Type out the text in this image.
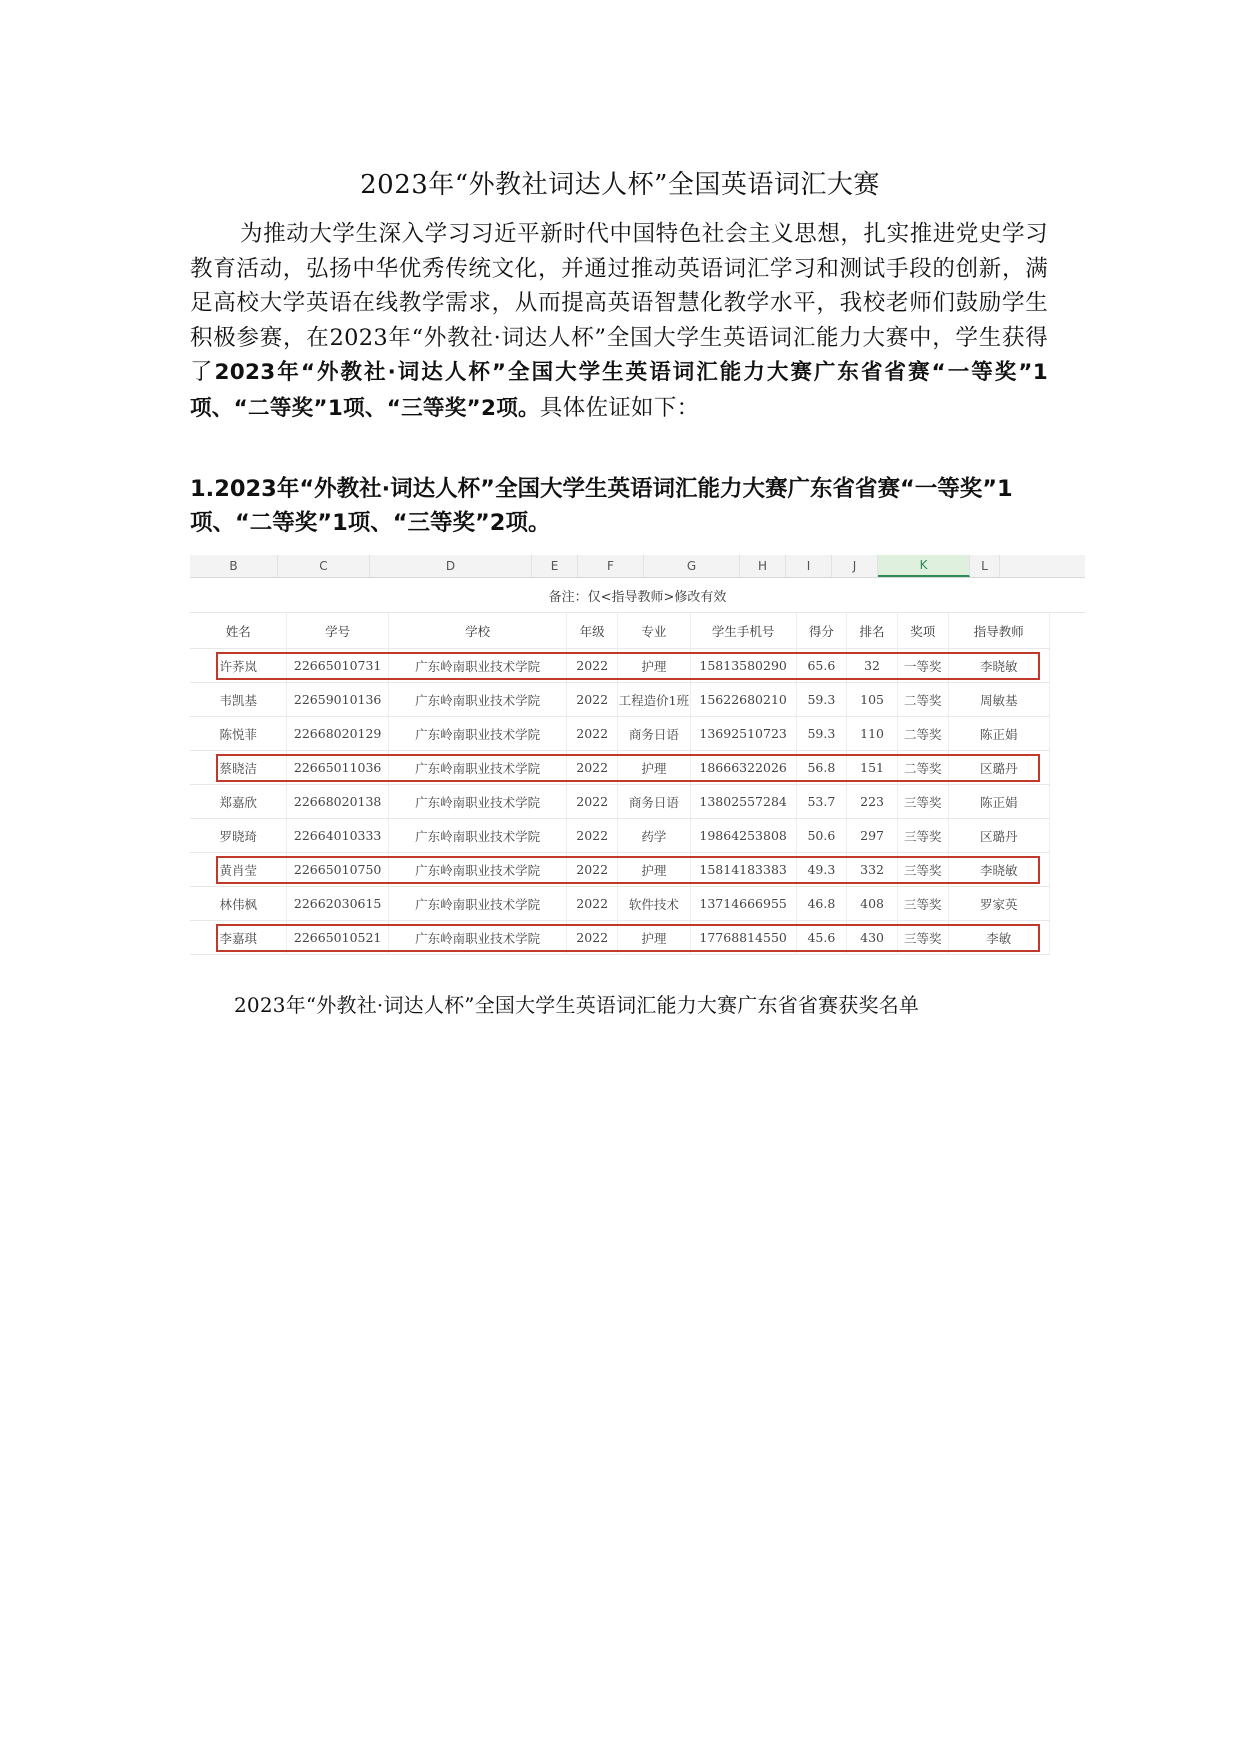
2023年“外教社词达人杯”全国英语词汇大赛
为推动大学生深入学习习近平新时代中国特色社会主义思想，扎实推进党史学习教育活动，弘扬中华优秀传统文化，并通过推动英语词汇学习和测试手段的创新，满足高校大学英语在线教学需求，从而提高英语智慧化教学水平，我校老师们鼓励学生积极参赛，在2023年“外教社·词达人杯”全国大学生英语词汇能力大赛中，学生获得了2023年“外教社·词达人杯”全国大学生英语词汇能力大赛广东省省赛“一等奖”1项、“二等奖”1项、“三等奖”2项。具体佐证如下：
1.2023年“外教社·词达人杯”全国大学生英语词汇能力大赛广东省省赛“一等奖”1项、“二等奖”1项、“三等奖”2项。
B	C	D	E	F	G	H	I	J	K	L
备注：仅<指导教师>修改有效
姓名	学号	学校	年级	专业	学生手机号	得分	排名	奖项	指导教师
许荞岚	22665010731	广东岭南职业技术学院	2022	护理	15813580290	65.6	32	一等奖	李晓敏
韦凯基	22659010136	广东岭南职业技术学院	2022	工程造价1班	15622680210	59.3	105	二等奖	周敏基
陈悦菲	22668020129	广东岭南职业技术学院	2022	商务日语	13692510723	59.3	110	二等奖	陈正娟
蔡晓洁	22665011036	广东岭南职业技术学院	2022	护理	18666322026	56.8	151	二等奖	区璐丹
郑嘉欣	22668020138	广东岭南职业技术学院	2022	商务日语	13802557284	53.7	223	三等奖	陈正娟
罗晓琦	22664010333	广东岭南职业技术学院	2022	药学	19864253808	50.6	297	三等奖	区璐丹
黄肖莹	22665010750	广东岭南职业技术学院	2022	护理	15814183383	49.3	332	三等奖	李晓敏
林伟枫	22662030615	广东岭南职业技术学院	2022	软件技术	13714666955	46.8	408	三等奖	罗家英
李嘉琪	22665010521	广东岭南职业技术学院	2022	护理	17768814550	45.6	430	三等奖	李敏
2023年“外教社·词达人杯”全国大学生英语词汇能力大赛广东省省赛获奖名单
